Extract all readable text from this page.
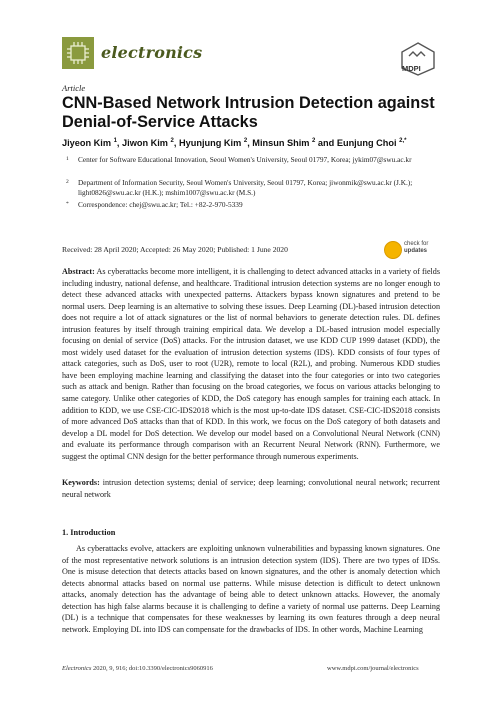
electronics
MDPI
Article
CNN-Based Network Intrusion Detection against Denial-of-Service Attacks
Jiyeon Kim $^1$, Jiwon Kim $^2$, Hyunjung Kim $^2$, Minsun Shim $^2$ and Eunjung Choi $^{2,*}$
1 Center for Software Educational Innovation, Seoul Women's University, Seoul 01797, Korea; jykim07@swu.ac.kr
2 Department of Information Security, Seoul Women's University, Seoul 01797, Korea; jiwonmik@swu.ac.kr (J.K.); light0826@swu.ac.kr (H.K.); mshim1007@swu.ac.kr (M.S.)
* Correspondence: chej@swu.ac.kr; Tel.: +82-2-970-5339
Received: 28 April 2020; Accepted: 26 May 2020; Published: 1 June 2020
check for
updates
Abstract: As cyberattacks become more intelligent, it is challenging to detect advanced attacks in a variety of fields including industry, national defense, and healthcare. Traditional intrusion detection systems are no longer enough to detect these advanced attacks with unexpected patterns. Attackers bypass known signatures and pretend to be normal users. Deep learning is an alternative to solving these issues. Deep Learning (DL)-based intrusion detection does not require a lot of attack signatures or the list of normal behaviors to generate detection rules. DL defines intrusion features by itself through training empirical data. We develop a DL-based intrusion model especially focusing on denial of service (DoS) attacks. For the intrusion dataset, we use KDD CUP 1999 dataset (KDD), the most widely used dataset for the evaluation of intrusion detection systems (IDS). KDD consists of four types of attack categories, such as DoS, user to root (U2R), remote to local (R2L), and probing. Numerous KDD studies have been employing machine learning and classifying the dataset into the four categories or into two categories such as attack and benign. Rather than focusing on the broad categories, we focus on various attacks belonging to same category. Unlike other categories of KDD, the DoS category has enough samples for training each attack. In addition to KDD, we use CSE-CIC-IDS2018 which is the most up-to-date IDS dataset. CSE-CIC-IDS2018 consists of more advanced DoS attacks than that of KDD. In this work, we focus on the DoS category of both datasets and develop a DL model for DoS detection. We develop our model based on a Convolutional Neural Network (CNN) and evaluate its performance through comparison with an Recurrent Neural Network (RNN). Furthermore, we suggest the optimal CNN design for the better performance through numerous experiments.
Keywords: intrusion detection systems; denial of service; deep learning; convolutional neural network; recurrent neural network
1. Introduction
As cyberattacks evolve, attackers are exploiting unknown vulnerabilities and bypassing known signatures. One of the most representative network solutions is an intrusion detection system (IDS). There are two types of IDSs. One is misuse detection that detects attacks based on known signatures, and the other is anomaly detection which detects abnormal attacks based on normal use patterns. While misuse detection is difficult to detect unknown attacks, anomaly detection has the advantage of being able to detect unknown attacks. However, the anomaly detection has high false alarms because it is challenging to define a variety of normal use patterns. Deep Learning (DL) is a technique that compensates for these weaknesses by learning its own features through a deep neural network. Employing DL into IDS can compensate for the drawbacks of IDS. In other words, Machine Learning
Electronics 2020, 9, 916; doi:10.3390/electronics9060916	www.mdpi.com/journal/electronics
